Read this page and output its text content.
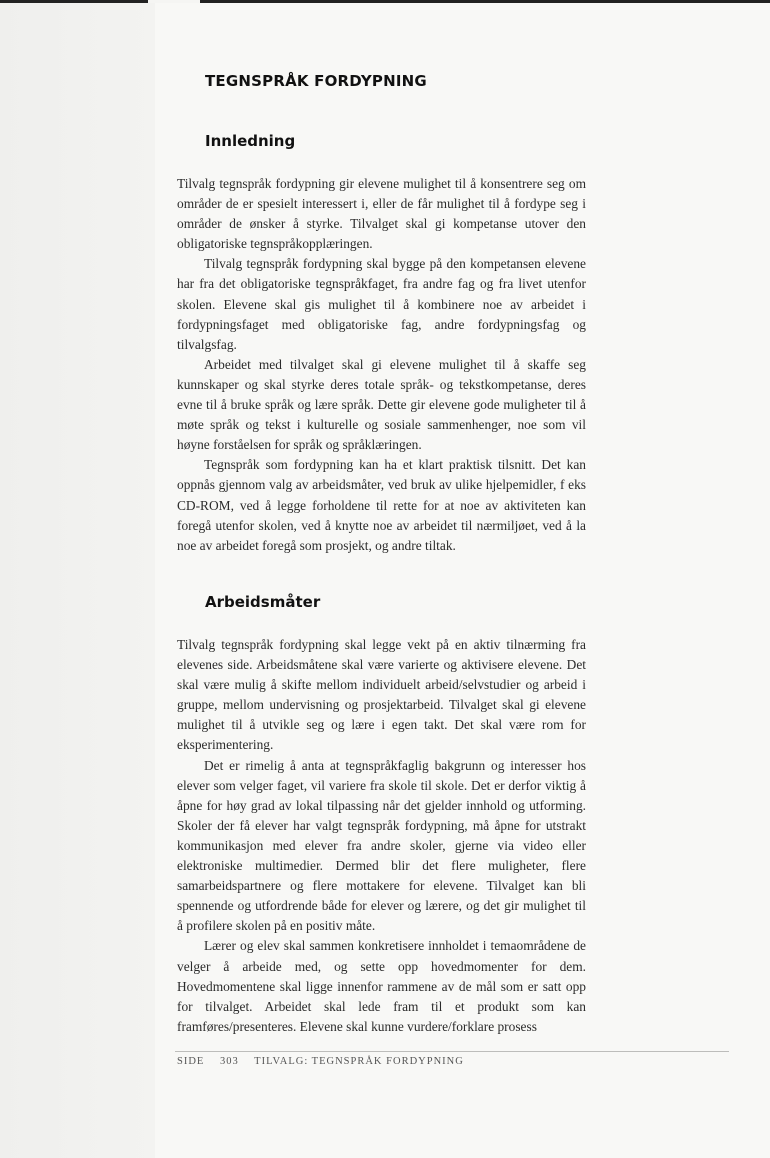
TEGNSPRÅK FORDYPNING
Innledning

Tilvalg tegnspråk fordypning gir elevene mulighet til å konsentrere seg om områder de er spesielt interessert i, eller de får mulighet til å fordype seg i områder de ønsker å styrke. Tilvalget skal gi kompetanse utover den obligatoriske tegnspråkopplæringen.

Tilvalg tegnspråk fordypning skal bygge på den kompetansen elevene har fra det obligatoriske tegnspråkfaget, fra andre fag og fra livet utenfor skolen. Elevene skal gis mulighet til å kombinere noe av arbeidet i fordypningsfaget med obligatoriske fag, andre fordypningsfag og tilvalgsfag.

Arbeidet med tilvalget skal gi elevene mulighet til å skaffe seg kunnskaper og skal styrke deres totale språk- og tekstkompetanse, deres evne til å bruke språk og lære språk. Dette gir elevene gode muligheter til å møte språk og tekst i kulturelle og sosiale sammenhenger, noe som vil høyne forståelsen for språk og språklæringen.

Tegnspråk som fordypning kan ha et klart praktisk tilsnitt. Det kan oppnås gjennom valg av arbeidsmåter, ved bruk av ulike hjelpemidler, f eks CD-ROM, ved å legge forholdene til rette for at noe av aktiviteten kan foregå utenfor skolen, ved å knytte noe av arbeidet til nærmiljøet, ved å la noe av arbeidet foregå som prosjekt, og andre tiltak.

Arbeidsmåter

Tilvalg tegnspråk fordypning skal legge vekt på en aktiv tilnærming fra elevenes side. Arbeidsmåtene skal være varierte og aktivisere elevene. Det skal være mulig å skifte mellom individuelt arbeid/selvstudier og arbeid i gruppe, mellom undervisning og prosjektarbeid. Tilvalget skal gi elevene mulighet til å utvikle seg og lære i egen takt. Det skal være rom for eksperimentering.

Det er rimelig å anta at tegnspråkfaglig bakgrunn og interesser hos elever som velger faget, vil variere fra skole til skole. Det er derfor viktig å åpne for høy grad av lokal tilpassing når det gjelder innhold og utforming. Skoler der få elever har valgt tegnspråk fordypning, må åpne for utstrakt kommunikasjon med elever fra andre skoler, gjerne via video eller elektroniske multimedier. Dermed blir det flere muligheter, flere samarbeidspartnere og flere mottakere for elevene. Tilvalget kan bli spennende og utfordrende både for elever og lærere, og det gir mulighet til å profilere skolen på en positiv måte.

Lærer og elev skal sammen konkretisere innholdet i temaområdene de velger å arbeide med, og sette opp hovedmomenter for dem. Hovedmomentene skal ligge innenfor rammene av de mål som er satt opp for tilvalget. Arbeidet skal lede fram til et produkt som kan framføres/presenteres. Elevene skal kunne vurdere/forklare prosess

SIDE 303 TILVALG: TEGNSPRÅK FORDYPNING
